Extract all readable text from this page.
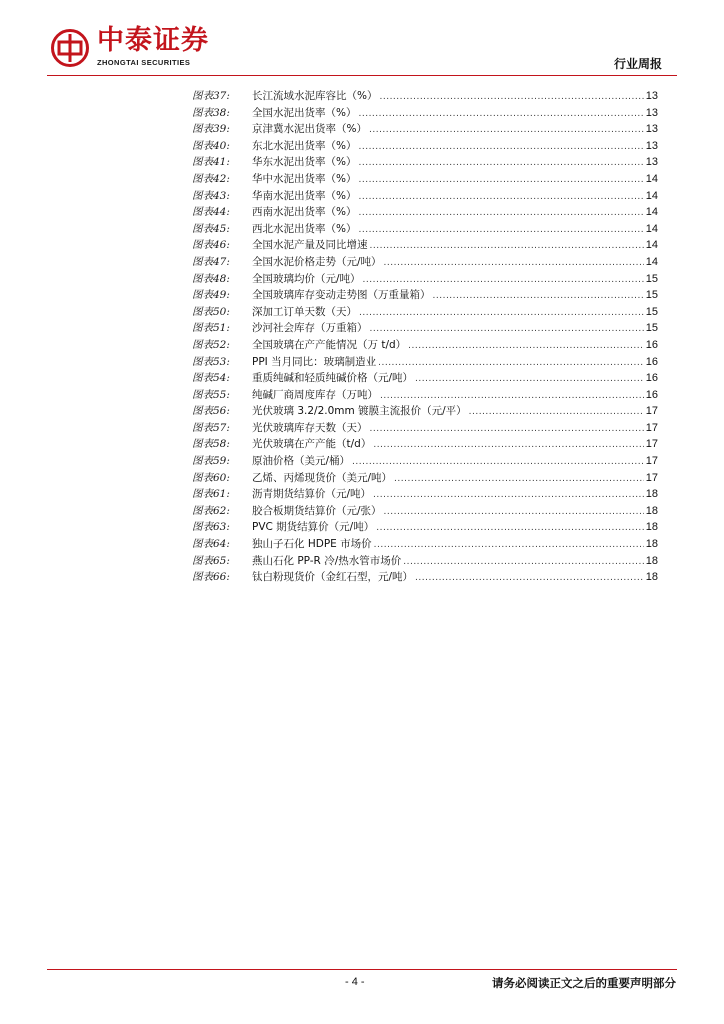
中泰证券
ZHONGTAI SECURITIES	行业周报
图表37:	长江流域水泥库容比（%） .....	13
图表38:	全国水泥出货率（%） .....	13
图表39:	京津冀水泥出货率（%） .....	13
图表40:	东北水泥出货率（%） .....	13
图表41:	华东水泥出货率（%） .....	13
图表42:	华中水泥出货率（%） .....	14
图表43:	华南水泥出货率（%） .....	14
图表44:	西南水泥出货率（%） .....	14
图表45:	西北水泥出货率（%） .....	14
图表46:	全国水泥产量及同比增速 .....	14
图表47:	全国水泥价格走势（元/吨） .....	14
图表48:	全国玻璃均价（元/吨） .....	15
图表49:	全国玻璃库存变动走势图（万重量箱） .....	15
图表50:	深加工订单天数（天） .....	15
图表51:	沙河社会库存（万重箱） .....	15
图表52:	全国玻璃在产产能情况（万 t/d） .....	16
图表53:	PPI 当月同比：玻璃制造业 .....	16
图表54:	重质纯碱和轻质纯碱价格（元/吨） .....	16
图表55:	纯碱厂商周度库存（万吨） .....	16
图表56:	光伏玻璃 3.2/2.0mm 镀膜主流报价（元/平） .....	17
图表57:	光伏玻璃库存天数（天） .....	17
图表58:	光伏玻璃在产产能（t/d） .....	17
图表59:	原油价格（美元/桶） .....	17
图表60:	乙烯、丙烯现货价（美元/吨） .....	17
图表61:	沥青期货结算价（元/吨） .....	18
图表62:	胶合板期货结算价（元/张） .....	18
图表63:	PVC 期货结算价（元/吨） .....	18
图表64:	独山子石化 HDPE 市场价 .....	18
图表65:	燕山石化 PP-R 冷/热水管市场价 .....	18
图表66:	钛白粉现货价（金红石型，元/吨） .....	18
- 4 -	请务必阅读正文之后的重要声明部分
